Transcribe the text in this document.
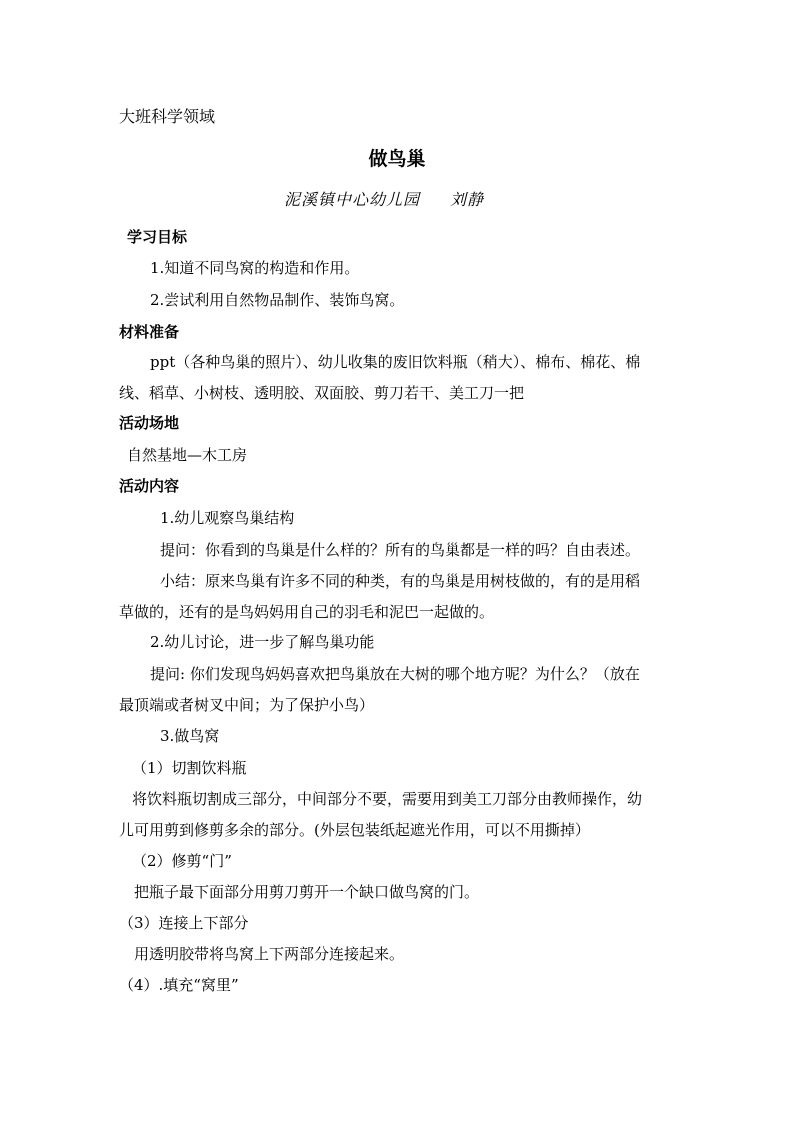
大班科学领域
做鸟巢
泥溪镇中心幼儿园 刘静
学习目标
1.知道不同鸟窝的构造和作用。
2.尝试利用自然物品制作、装饰鸟窝。
材料准备
ppt（各种鸟巢的照片）、幼儿收集的废旧饮料瓶（稍大）、棉布、棉花、棉
线、稻草、小树枝、透明胶、双面胶、剪刀若干、美工刀一把
活动场地
自然基地—木工房
活动内容
1.幼儿观察鸟巢结构
提问：你看到的鸟巢是什么样的？所有的鸟巢都是一样的吗？自由表述。
小结：原来鸟巢有许多不同的种类，有的鸟巢是用树枝做的，有的是用稻
草做的，还有的是鸟妈妈用自己的羽毛和泥巴一起做的。
2.幼儿讨论，进一步了解鸟巢功能
提问: 你们发现鸟妈妈喜欢把鸟巢放在大树的哪个地方呢？为什么？（放在
最顶端或者树叉中间；为了保护小鸟）
3.做鸟窝
（1）切割饮料瓶
将饮料瓶切割成三部分，中间部分不要，需要用到美工刀部分由教师操作，幼
儿可用剪到修剪多余的部分。(外层包装纸起遮光作用，可以不用撕掉）
（2）修剪“门”
把瓶子最下面部分用剪刀剪开一个缺口做鸟窝的门。
（3）连接上下部分
用透明胶带将鸟窝上下两部分连接起来。
（4）.填充“窝里”
